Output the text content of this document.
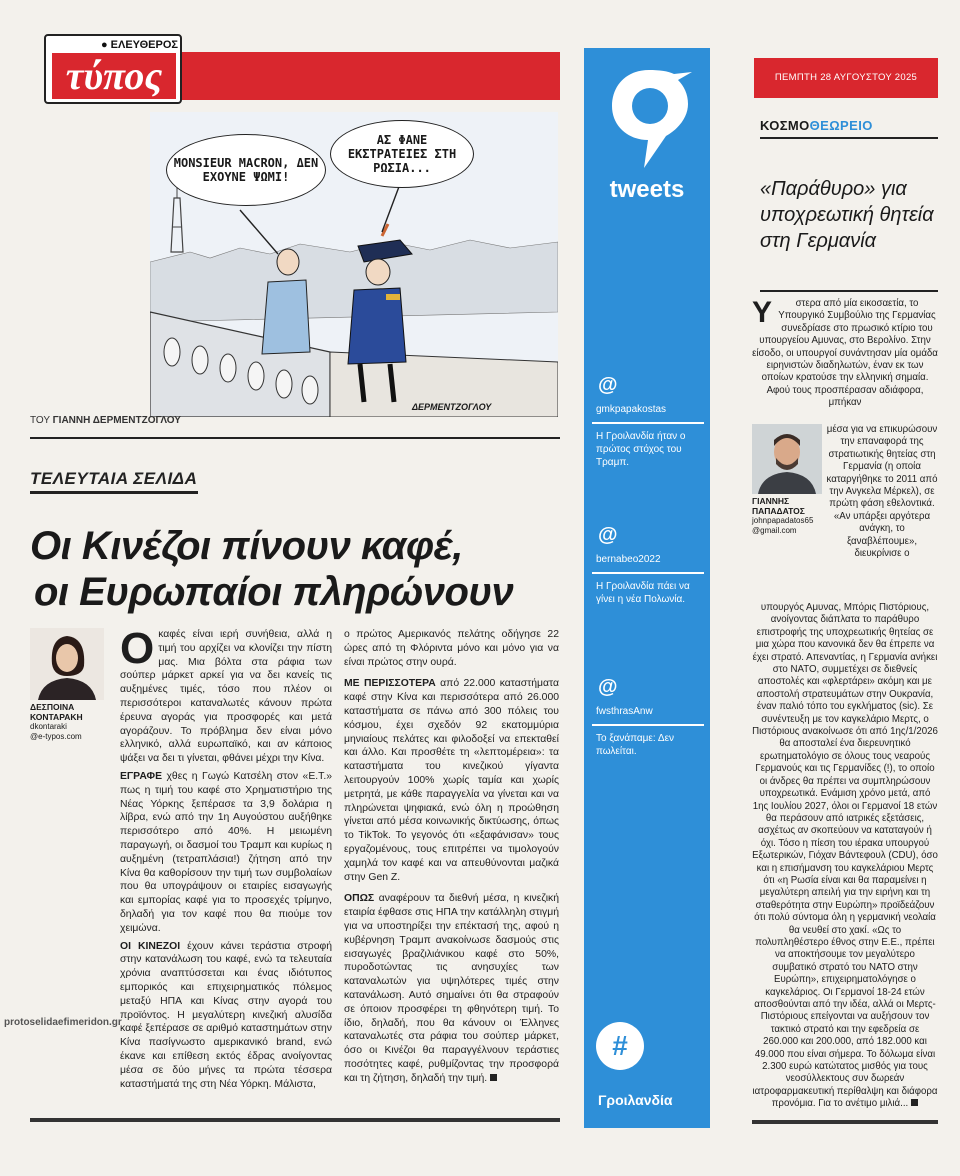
● ΕΛΕΥΘΕΡΟΣ
τύπος
MONSIEUR MACRON, ΔΕΝ ΕΧΟΥΝΕ ΨΩΜΙ!
ΑΣ ΦΑΝΕ ΕΚΣΤΡΑΤΕΙΕΣ ΣΤΗ ΡΩΣΙΑ...
ΔΕΡΜΕΝΤΖΟΓΛΟΥ
ΤΟΥ ΓΙΑΝΝΗ ΔΕΡΜΕΝΤΖΟΓΛΟΥ
ΤΕΛΕΥΤΑΙΑ ΣΕΛΙΔΑ
Οι Κινέζοι πίνουν καφέ,

οι Ευρωπαίοι πληρώνουν
ΔΕΣΠΟΙΝΑ
ΚΟΝΤΑΡΑΚΗ
dkontaraki
@e-typos.com

Οκαφές είναι ιερή συνήθεια, αλλά η τιμή του αρχίζει να κλονίζει την πίστη μας. Μια βόλτα στα ράφια των σούπερ μάρκετ αρκεί για να δει κανείς τις αυξημένες τιμές, τόσο που πλέον οι περισσότεροι καταναλωτές κάνουν πρώτα έρευνα αγοράς για προσφορές και μετά αγοράζουν. Το πρόβλημα δεν είναι μόνο ελληνικό, αλλά ευρωπαϊκό, και αν κάποιος ψάξει να δει τι γίνεται, φθάνει μέχρι την Κίνα.

ΕΓΡΑΦΕ χθες η Γωγώ Κατσέλη στον «Ε.Τ.» πως η τιμή του καφέ στο Χρηματιστήριο της Νέας Υόρκης ξεπέρασε τα 3,9 δολάρια η λίβρα, ενώ από την 1η Αυγούστου αυξήθηκε περισσότερο από 40%. Η μειωμένη παραγωγή, οι δασμοί του Τραμπ και κυρίως η αυξημένη (τετραπλάσια!) ζήτηση από την Κίνα θα καθορίσουν την τιμή των συμβολαίων που θα υπογράψουν οι εταιρίες εισαγωγής και εμπορίας καφέ για το προσεχές τρίμηνο, δηλαδή για τον καφέ που θα πιούμε τον χειμώνα.

ΟΙ ΚΙΝΕΖΟΙ έχουν κάνει τεράστια στροφή στην κατανάλωση του καφέ, ενώ τα τελευταία χρόνια αναπτύσσεται και ένας ιδιότυπος εμπορικός και επιχειρηματικός πόλεμος μεταξύ ΗΠΑ και Κίνας στην αγορά του προϊόντος. Η μεγαλύτερη κινεζική αλυσίδα καφέ ξεπέρασε σε αριθμό καταστημάτων στην Κίνα πασίγνωστο αμερικανικό brand, ενώ έκανε και επίθεση εκτός έδρας ανοίγοντας μέσα σε δύο μήνες τα πρώτα τέσσερα καταστήματά της στη Νέα Υόρκη. Μάλιστα,

ο πρώτος Αμερικανός πελάτης οδήγησε 22 ώρες από τη Φλόριντα μόνο και μόνο για να είναι πρώτος στην ουρά.

ΜΕ ΠΕΡΙΣΣΟΤΕΡΑ από 22.000 καταστήματα καφέ στην Κίνα και περισσότερα από 26.000 καταστήματα σε πάνω από 300 πόλεις του κόσμου, έχει σχεδόν 92 εκατομμύρια μηνιαίους πελάτες και φιλοδοξεί να επεκταθεί και άλλο. Και προσθέτε τη «λεπτομέρεια»: τα καταστήματα του κινεζικού γίγαντα λειτουργούν 100% χωρίς ταμία και χωρίς μετρητά, με κάθε παραγγελία να γίνεται και να πληρώνεται ψηφιακά, ενώ όλη η προώθηση γίνεται από μέσα κοινωνικής δικτύωσης, όπως το TikTok. Το γεγονός ότι «εξαφάνισαν» τους εργαζομένους, τους επιτρέπει να τιμολογούν χαμηλά τον καφέ και να απευθύνονται μαζικά στην Gen Z.

ΟΠΩΣ αναφέρουν τα διεθνή μέσα, η κινεζική εταιρία έφθασε στις ΗΠΑ την κατάλληλη στιγμή για να υποστηρίξει την επέκτασή της, αφού η κυβέρνηση Τραμπ ανακοίνωσε δασμούς στις εισαγωγές βραζιλιάνικου καφέ στο 50%, πυροδοτώντας τις ανησυχίες των καταναλωτών για υψηλότερες τιμές στην κατανάλωση. Αυτό σημαίνει ότι θα στραφούν σε όποιον προσφέρει τη φθηνότερη τιμή. Το ίδιο, δηλαδή, που θα κάνουν οι Έλληνες καταναλωτές στα ράφια του σούπερ μάρκετ, όσο οι Κινέζοι θα παραγγέλνουν τεράστιες ποσότητες καφέ, ρυθμίζοντας την προσφορά και τη ζήτηση, δηλαδή την τιμή.

protoselidaefimeridon.gr
tweets
@
gmkpapakostas
Η Γροιλανδία ήταν ο πρώτος στόχος του Τραμπ.
@
bernabeo2022
Η Γροιλανδία πάει να γίνει η νέα Πολωνία.
@
fwsthrasAnw
Το ξανάπαμε: Δεν πωλείται.
#
Γροιλανδία
ΠΕΜΠΤΗ 28 ΑΥΓΟΥΣΤΟΥ 2025
ΚΟΣΜΟΘΕΩΡΕΙΟ
«Παράθυρο» για υποχρεωτική θητεία στη Γερμανία
Υ στερα από μία εικοσαετία, το Υπουργικό Συμβούλιο της Γερμανίας συνεδρίασε στο πρωσικό κτίριο του υπουργείου Αμυνας, στο Βερολίνο. Στην είσοδο, οι υπουργοί συνάντησαν μία ομάδα ειρηνιστών διαδηλωτών, έναν εκ των οποίων κρατούσε την ελληνική σημαία. Αφού τους προσπέρασαν αδιάφορα, μπήκαν
ΓΙΑΝΝΗΣ
ΠΑΠΑΔΑΤΟΣ
johnpapadatos65
@gmail.com
μέσα για να επικυρώσουν την επαναφορά της στρατιωτικής θητείας στη Γερμανία (η οποία καταργήθηκε το 2011 από την Ανγκελα Μέρκελ), σε πρώτη φάση εθελοντικά. «Αν υπάρξει αργότερα ανάγκη, το ξαναβλέπουμε», διευκρίνισε ο
υπουργός Αμυνας, Μπόρις Πιστόριους, ανοίγοντας διάπλατα το παράθυρο επιστροφής της υποχρεωτικής θητείας σε μια χώρα που κανονικά δεν θα έπρεπε να έχει στρατό. Απεναντίας, η Γερμανία ανήκει στο ΝΑΤΟ, συμμετέχει σε διεθνείς αποστολές και «φλερτάρει» ακόμη και με αποστολή στρατευμάτων στην Ουκρανία, έναν παλιό τόπο του εγκλήματος (sic). Σε συνέντευξη με τον καγκελάριο Μερτς, ο Πιστόριους ανακοίνωσε ότι από 1ης/1/2026 θα αποσταλεί ένα διερευνητικό ερωτηματολόγιο σε όλους τους νεαρούς Γερμανούς και τις Γερμανίδες (!), το οποίο οι άνδρες θα πρέπει να συμπληρώσουν υποχρεωτικά. Ενάμιση χρόνο μετά, από 1ης Ιουλίου 2027, όλοι οι Γερμανοί 18 ετών θα περάσουν από ιατρικές εξετάσεις, ασχέτως αν σκοπεύουν να καταταγούν ή όχι. Τόσο η πίεση του ιέρακα υπουργού Εξωτερικών, Γιόχαν Βάντεφουλ (CDU), όσο και η επισήμανση του καγκελάριου Μερτς ότι «η Ρωσία είναι και θα παραμείνει η μεγαλύτερη απειλή για την ειρήνη και τη σταθερότητα στην Ευρώπη» προϊδεάζουν ότι πολύ σύντομα όλη η γερμανική νεολαία θα νευθεί στο χακί. «Ως το πολυπληθέστερο έθνος στην Ε.Ε., πρέπει να αποκτήσουμε τον μεγαλύτερο συμβατικό στρατό του ΝΑΤΟ στην Ευρώπη», επιχειρηματολόγησε ο καγκελάριος. Οι Γερμανοί 18-24 ετών αποσθούνται από την ιδέα, αλλά οι Μερτς-Πιστόριους επείγονται να αυξήσουν τον τακτικό στρατό και την εφεδρεία σε 260.000 και 200.000, από 182.000 και 49.000 που είναι σήμερα. Το δόλωμα είναι 2.300 ευρώ κατώτατος μισθός για τους νεοσύλλεκτους συν δωρεάν ιατροφαρμακευτική περίθαλψη και διάφορα προνόμια. Για το ανέτιμο μιλιά...
